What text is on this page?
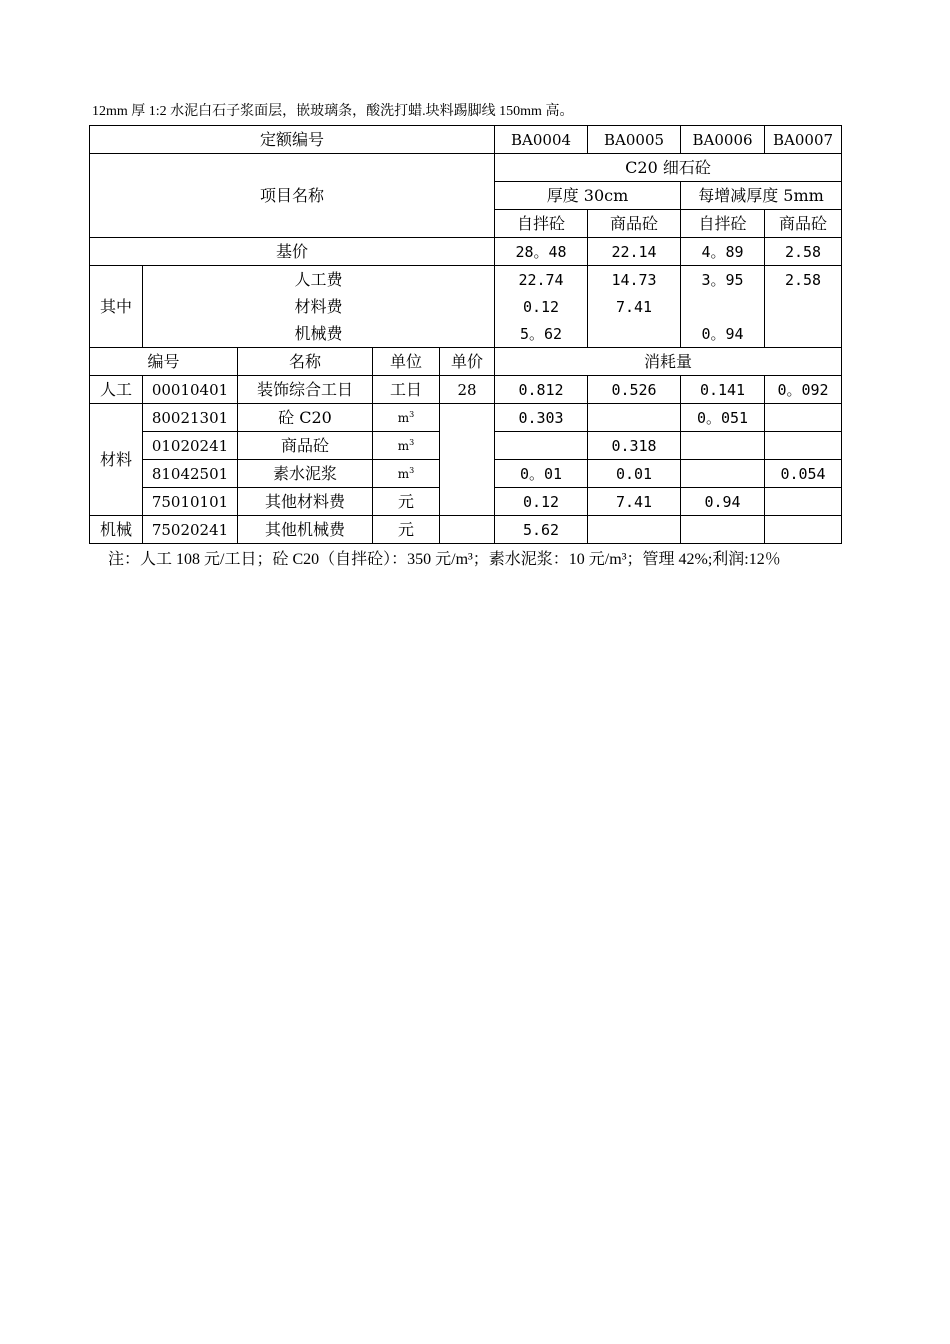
12mm 厚 1:2 水泥白石子浆面层，嵌玻璃条，酸洗打蜡.块料踢脚线 150mm 高。
定额编号					BA0004	BA0005	BA0006	BA0007
项目名称					C20 细石砼			
					厚度 30cm		每增减厚度 5mm	
					自拌砼	商品砼	自拌砼	商品砼
基价					28。48	22.14	4。89	2.58
其中	人工费				22.74	14.73	3。95	2.58
	材料费				0.12	7.41		
	机械费				5。62		0。94	
编号		名称	单位	单价	消耗量			
人工	00010401	装饰综合工日	工日	28	0.812	0.526	0.141	0。092
材料	80021301	砼 C20	$m^3$		0.303		0。051	
	01020241	商品砼	$m^3$			0.318		
	81042501	素水泥浆	$m^3$		0。01	0.01		0.054
	75010101	其他材料费	元		0.12	7.41	0.94	
机械	75020241	其他机械费	元		5.62			
注：人工 108 元/工日；砼 C20（自拌砼）：350 元/m³；素水泥浆：10 元/m³；管理 42%;利润:12％
